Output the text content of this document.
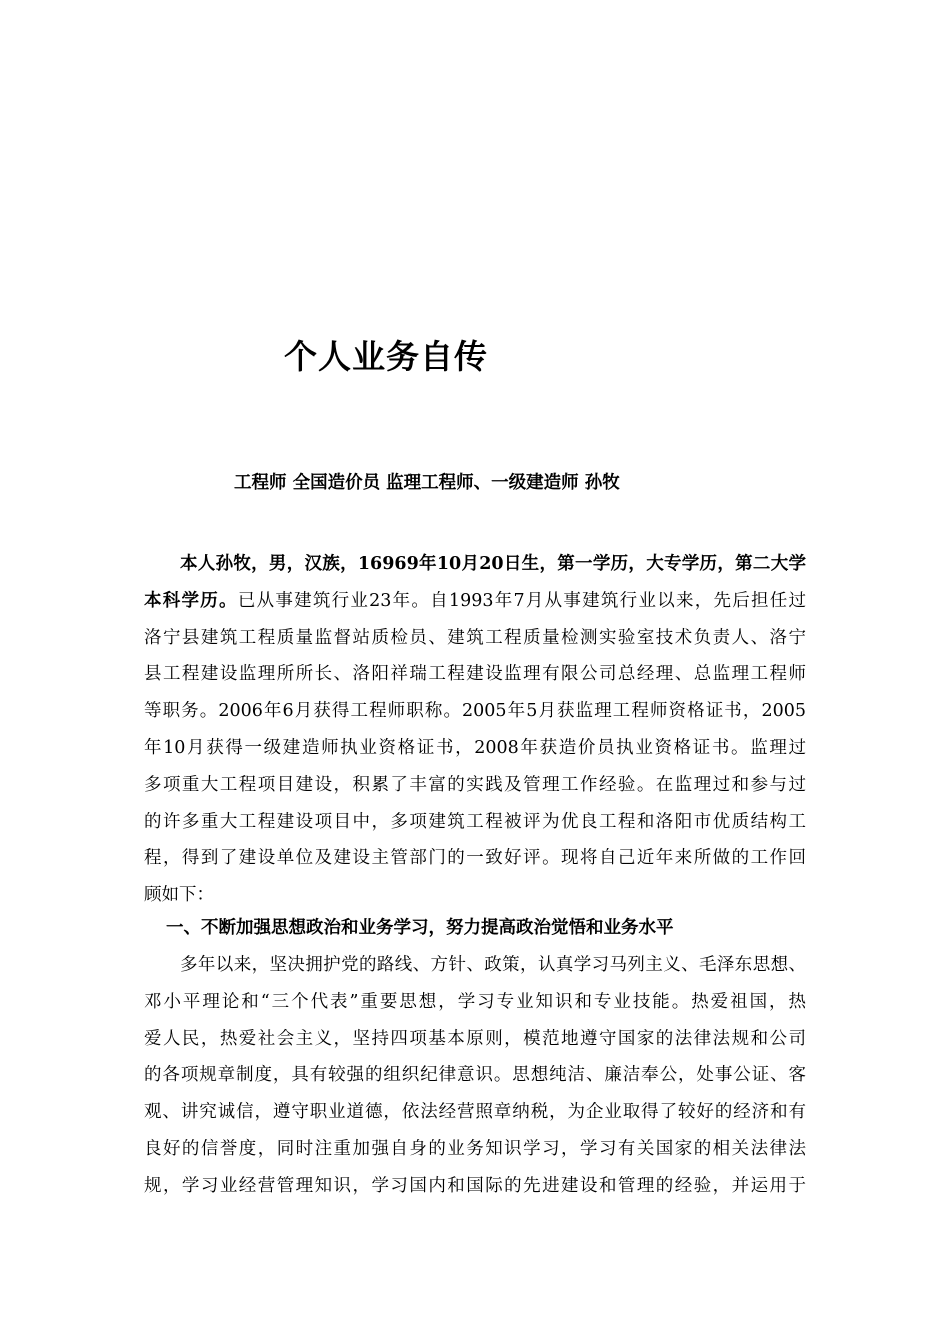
个人业务自传

工程师 全国造价员 监理工程师、一级建造师 孙牧

本人孙牧，男，汉族，16969年10月20日生，第一学历，大专学历，第二大学
本科学历。已从事建筑行业23年。自1993年7月从事建筑行业以来，先后担任过
洛宁县建筑工程质量监督站质检员、建筑工程质量检测实验室技术负责人、洛宁
县工程建设监理所所长、洛阳祥瑞工程建设监理有限公司总经理、总监理工程师
等职务。2006年6月获得工程师职称。2005年5月获监理工程师资格证书，2005
年10月获得一级建造师执业资格证书，2008年获造价员执业资格证书。监理过
多项重大工程项目建设，积累了丰富的实践及管理工作经验。在监理过和参与过
的许多重大工程建设项目中，多项建筑工程被评为优良工程和洛阳市优质结构工
程，得到了建设单位及建设主管部门的一致好评。现将自己近年来所做的工作回
顾如下：
一、不断加强思想政治和业务学习，努力提高政治觉悟和业务水平
多年以来，坚决拥护党的路线、方针、政策，认真学习马列主义、毛泽东思想、
邓小平理论和“三个代表”重要思想，学习专业知识和专业技能。热爱祖国，热
爱人民，热爱社会主义，坚持四项基本原则，模范地遵守国家的法律法规和公司
的各项规章制度，具有较强的组织纪律意识。思想纯洁、廉洁奉公，处事公证、客
观、讲究诚信，遵守职业道德，依法经营照章纳税，为企业取得了较好的经济和有
良好的信誉度，同时注重加强自身的业务知识学习，学习有关国家的相关法律法
规，学习业经营管理知识，学习国内和国际的先进建设和管理的经验，并运用于
